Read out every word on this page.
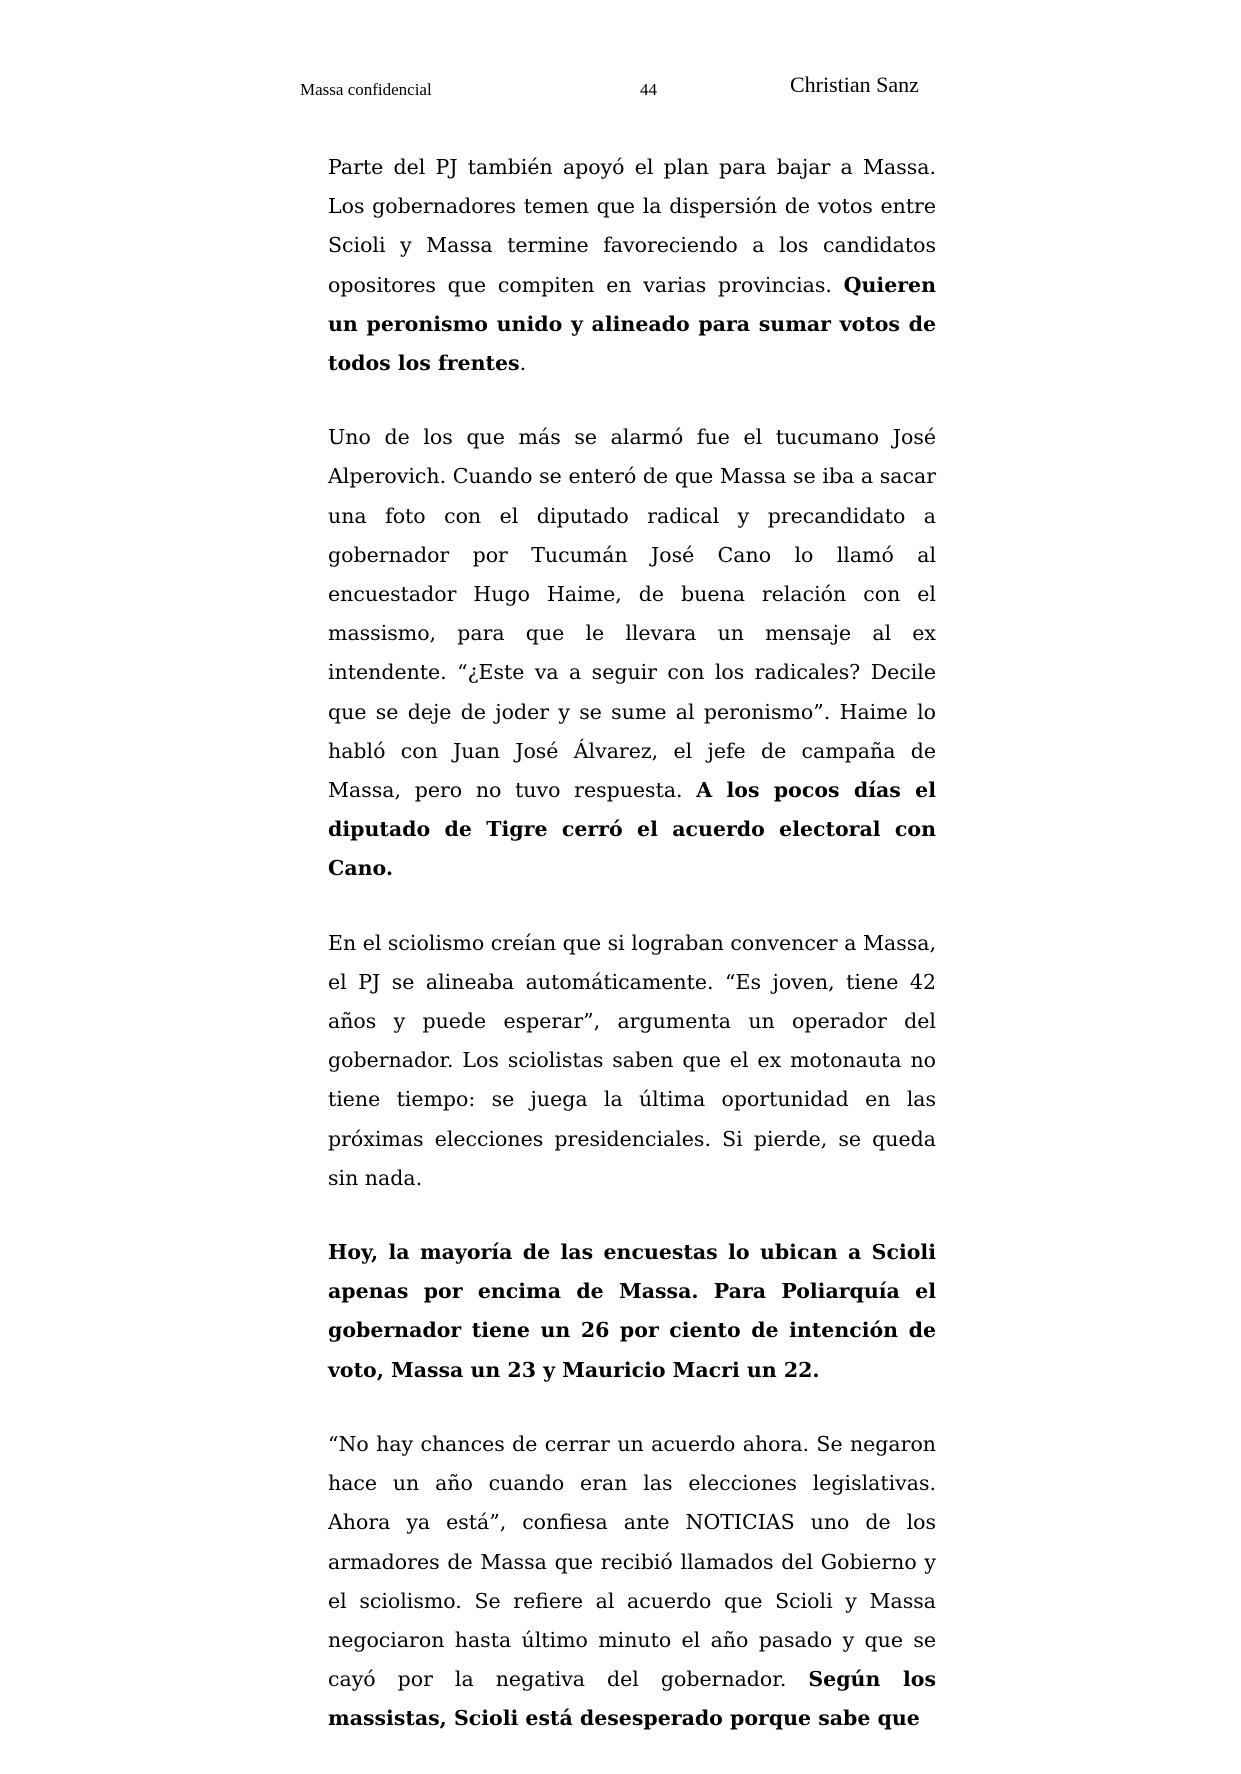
Massa confidencial	44	Christian Sanz

Parte del PJ también apoyó el plan para bajar a Massa. Los gobernadores temen que la dispersión de votos entre Scioli y Massa termine favoreciendo a los candidatos opositores que compiten en varias provincias. Quieren un peronismo unido y alineado para sumar votos de todos los frentes.

Uno de los que más se alarmó fue el tucumano José Alperovich. Cuando se enteró de que Massa se iba a sacar una foto con el diputado radical y precandidato a gobernador por Tucumán José Cano lo llamó al encuestador Hugo Haime, de buena relación con el massismo, para que le llevara un mensaje al ex intendente. “¿Este va a seguir con los radicales? Decile que se deje de joder y se sume al peronismo”. Haime lo habló con Juan José Álvarez, el jefe de campaña de Massa, pero no tuvo respuesta. A los pocos días el diputado de Tigre cerró el acuerdo electoral con Cano.

En el sciolismo creían que si lograban convencer a Massa, el PJ se alineaba automáticamente. “Es joven, tiene 42 años y puede esperar”, argumenta un operador del gobernador. Los sciolistas saben que el ex motonauta no tiene tiempo: se juega la última oportunidad en las próximas elecciones presidenciales. Si pierde, se queda sin nada.

Hoy, la mayoría de las encuestas lo ubican a Scioli apenas por encima de Massa. Para Poliarquía el gobernador tiene un 26 por ciento de intención de voto, Massa un 23 y Mauricio Macri un 22.

“No hay chances de cerrar un acuerdo ahora. Se negaron hace un año cuando eran las elecciones legislativas. Ahora ya está”, confiesa ante NOTICIAS uno de los armadores de Massa que recibió llamados del Gobierno y el sciolismo. Se refiere al acuerdo que Scioli y Massa negociaron hasta último minuto el año pasado y que se cayó por la negativa del gobernador. Según los massistas, Scioli está desesperado porque sabe que
